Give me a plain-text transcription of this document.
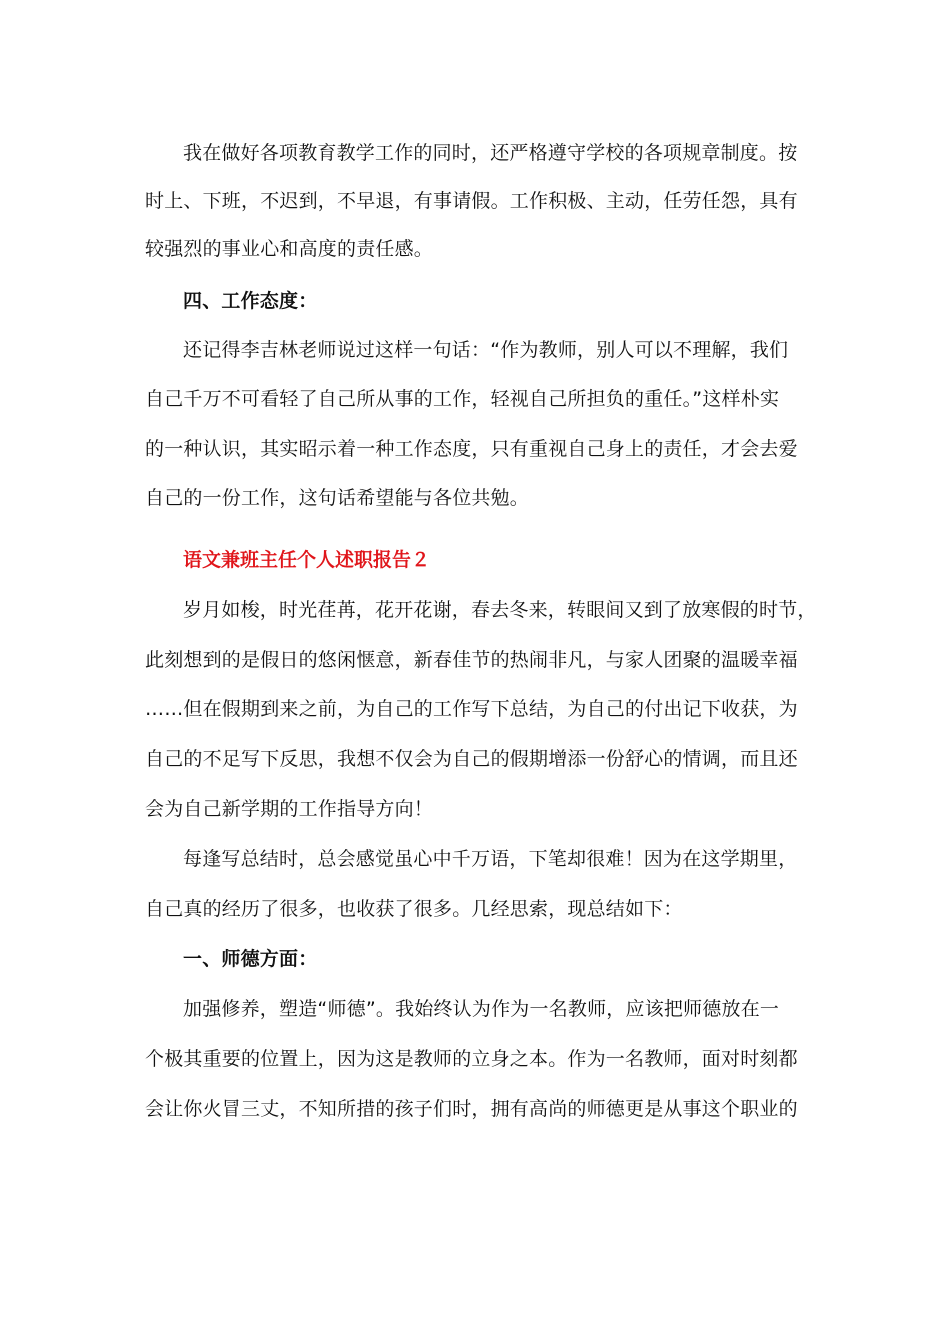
我在做好各项教育教学工作的同时，还严格遵守学校的各项规章制度。按
时上、下班，不迟到，不早退，有事请假。工作积极、主动，任劳任怨，具有
较强烈的事业心和高度的责任感。
四、工作态度：
还记得李吉林老师说过这样一句话：“作为教师，别人可以不理解，我们
自己千万不可看轻了自己所从事的工作，轻视自己所担负的重任。”这样朴实
的一种认识，其实昭示着一种工作态度，只有重视自己身上的责任，才会去爱
自己的一份工作，这句话希望能与各位共勉。
语文兼班主任个人述职报告２
岁月如梭，时光荏苒，花开花谢，春去冬来，转眼间又到了放寒假的时节，
此刻想到的是假日的悠闲惬意，新春佳节的热闹非凡，与家人团聚的温暖幸福
……但在假期到来之前，为自己的工作写下总结，为自己的付出记下收获，为
自己的不足写下反思，我想不仅会为自己的假期增添一份舒心的情调，而且还
会为自己新学期的工作指导方向！
每逢写总结时，总会感觉虽心中千万语，下笔却很难！因为在这学期里，
自己真的经历了很多，也收获了很多。几经思索，现总结如下：
一、师德方面：
加强修养，塑造“师德”。我始终认为作为一名教师，应该把师德放在一
个极其重要的位置上，因为这是教师的立身之本。作为一名教师，面对时刻都
会让你火冒三丈，不知所措的孩子们时，拥有高尚的师德更是从事这个职业的
